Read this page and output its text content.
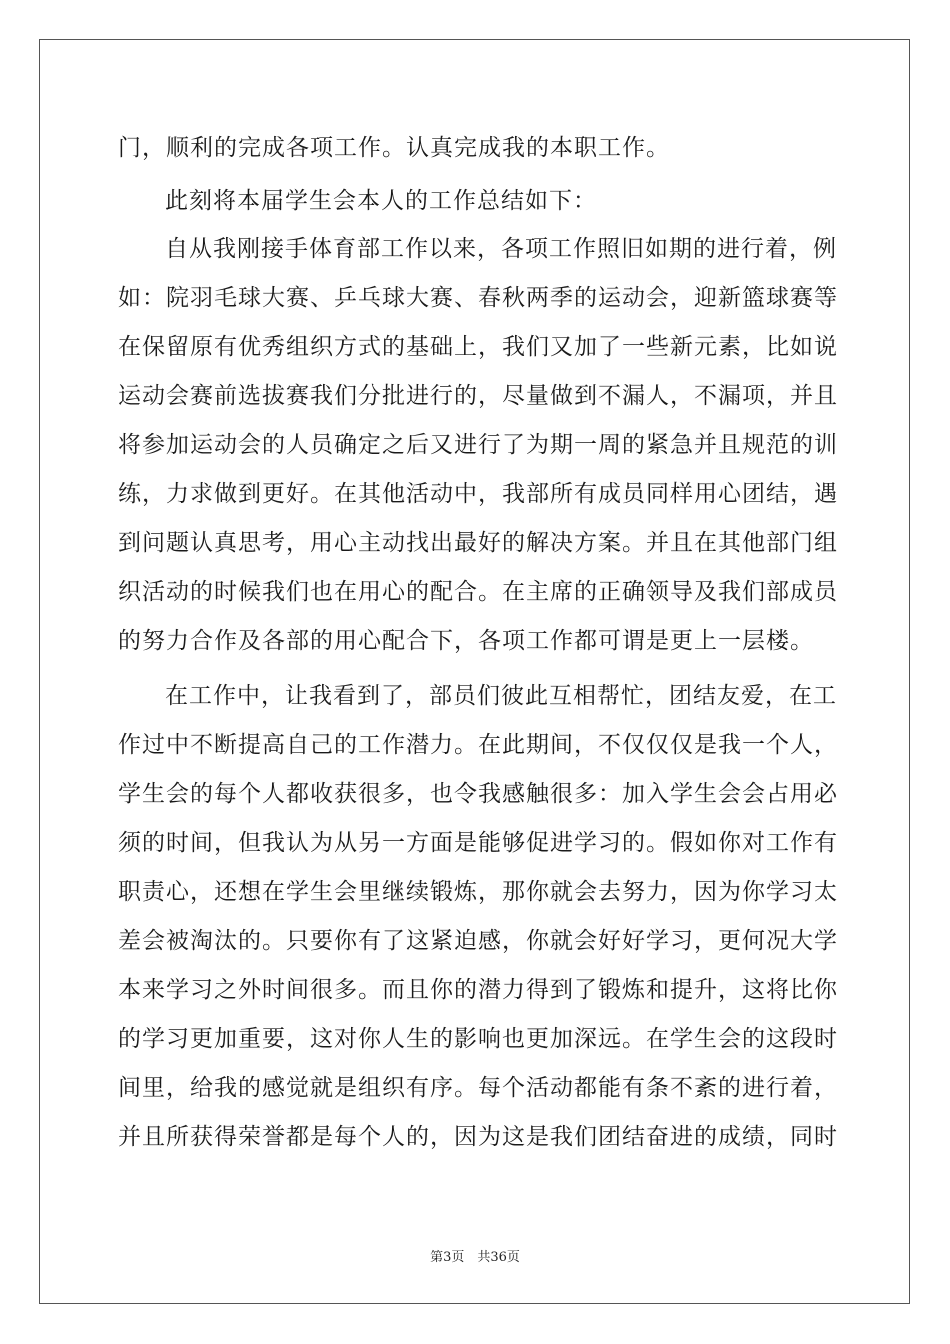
门，顺利的完成各项工作。认真完成我的本职工作。
此刻将本届学生会本人的工作总结如下：
自从我刚接手体育部工作以来，各项工作照旧如期的进行着，例
如：院羽毛球大赛、乒乓球大赛、春秋两季的运动会，迎新篮球赛等
在保留原有优秀组织方式的基础上，我们又加了一些新元素，比如说
运动会赛前选拔赛我们分批进行的，尽量做到不漏人，不漏项，并且
将参加运动会的人员确定之后又进行了为期一周的紧急并且规范的训
练，力求做到更好。在其他活动中，我部所有成员同样用心团结，遇
到问题认真思考，用心主动找出最好的解决方案。并且在其他部门组
织活动的时候我们也在用心的配合。在主席的正确领导及我们部成员
的努力合作及各部的用心配合下，各项工作都可谓是更上一层楼。
在工作中，让我看到了，部员们彼此互相帮忙，团结友爱，在工
作过中不断提高自己的工作潜力。在此期间，不仅仅仅是我一个人，
学生会的每个人都收获很多，也令我感触很多：加入学生会会占用必
须的时间，但我认为从另一方面是能够促进学习的。假如你对工作有
职责心，还想在学生会里继续锻炼，那你就会去努力，因为你学习太
差会被淘汰的。只要你有了这紧迫感，你就会好好学习，更何况大学
本来学习之外时间很多。而且你的潜力得到了锻炼和提升，这将比你
的学习更加重要，这对你人生的影响也更加深远。在学生会的这段时
间里，给我的感觉就是组织有序。每个活动都能有条不紊的进行着，
并且所获得荣誉都是每个人的，因为这是我们团结奋进的成绩，同时
第3页　共36页
